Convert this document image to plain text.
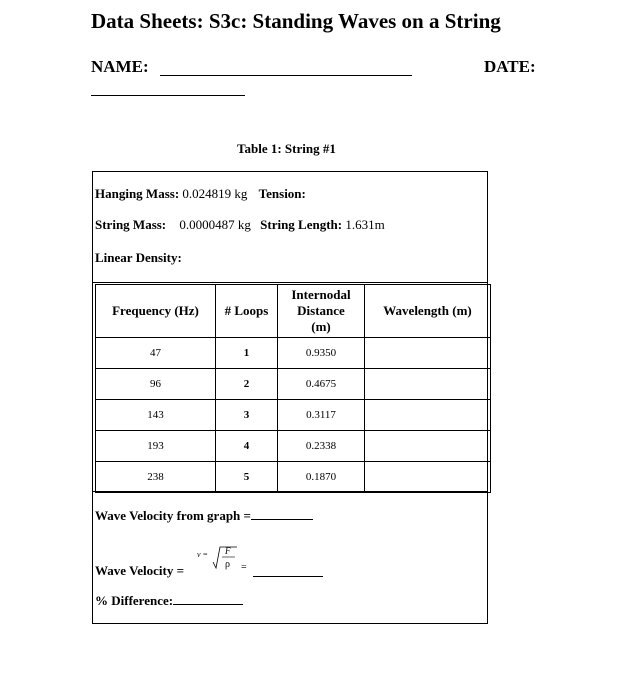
Data Sheets: S3c: Standing Waves on a String
NAME:	DATE:
Table 1: String #1
Hanging Mass: 0.024819 kg Tension:
String Mass: 0.0000487 kg String Length: 1.631m
Linear Density:
Frequency (Hz)	# Loops	Internodal
Distance
(m)	Wavelength (m)
47	1	0.9350	
96	2	0.4675	
143	3	0.3117	
193	4	0.2338	
238	5	0.1870	
Wave Velocity from graph =
Wave Velocity =
v = F
ρ =
% Difference:
